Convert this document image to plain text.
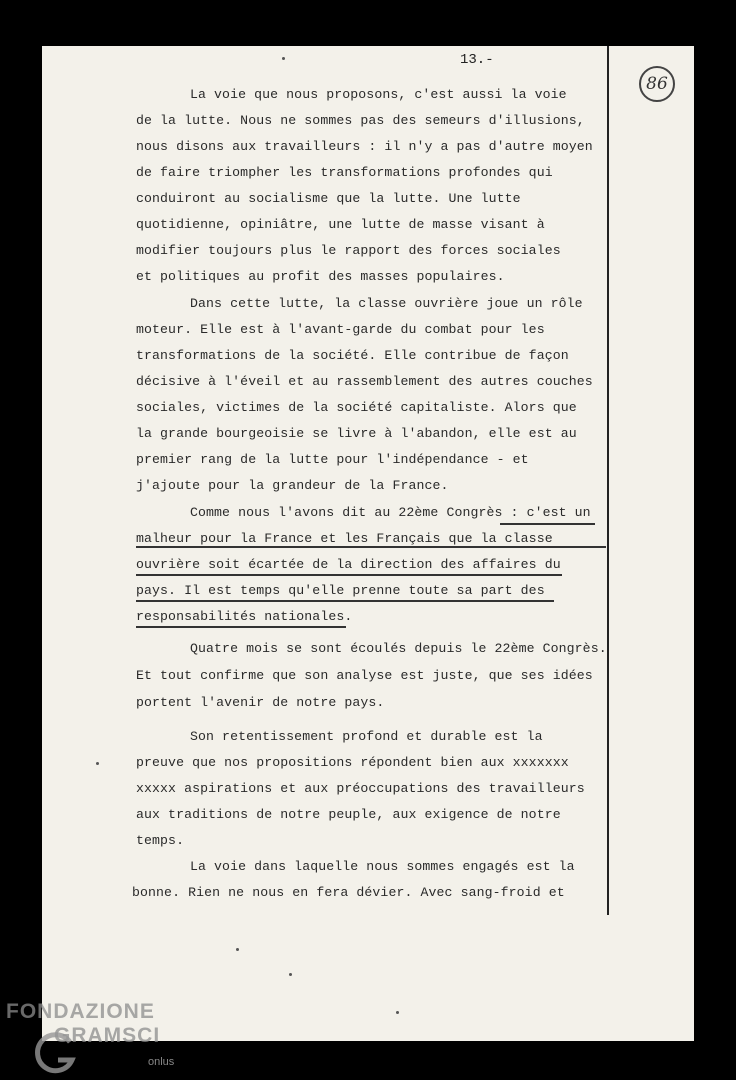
13.-
86
La voie que nous proposons, c'est aussi la voie
de la lutte. Nous ne sommes pas des semeurs d'illusions,
nous disons aux travailleurs : il n'y a pas d'autre moyen
de faire triompher les transformations profondes qui
conduiront au socialisme que la lutte. Une lutte
quotidienne, opiniâtre, une lutte de masse visant à
modifier toujours plus le rapport des forces sociales
et politiques au profit des masses populaires.
Dans cette lutte, la classe ouvrière joue un rôle
moteur. Elle est à l'avant-garde du combat pour les
transformations de la société. Elle contribue de façon
décisive à l'éveil et au rassemblement des autres couches
sociales, victimes de la société capitaliste. Alors que
la grande bourgeoisie se livre à l'abandon, elle est au
premier rang de la lutte pour l'indépendance - et
j'ajoute pour la grandeur de la France.
Comme nous l'avons dit au 22ème Congrès : c'est un
malheur pour la France et les Français que la classe
ouvrière soit écartée de la direction des affaires du
pays. Il est temps qu'elle prenne toute sa part des
responsabilités nationales.
Quatre mois se sont écoulés depuis le 22ème Congrès.
Et tout confirme que son analyse est juste, que ses idées
portent l'avenir de notre pays.
Son retentissement profond et durable est la
preuve que nos propositions répondent bien aux xxxxxxx
xxxxx aspirations et aux préoccupations des travailleurs
aux traditions de notre peuple, aux exigence de notre
temps.
La voie dans laquelle nous sommes engagés est la
bonne. Rien ne nous en fera dévier. Avec sang-froid et
FONDAZIONE
GRAMSCI
onlus
